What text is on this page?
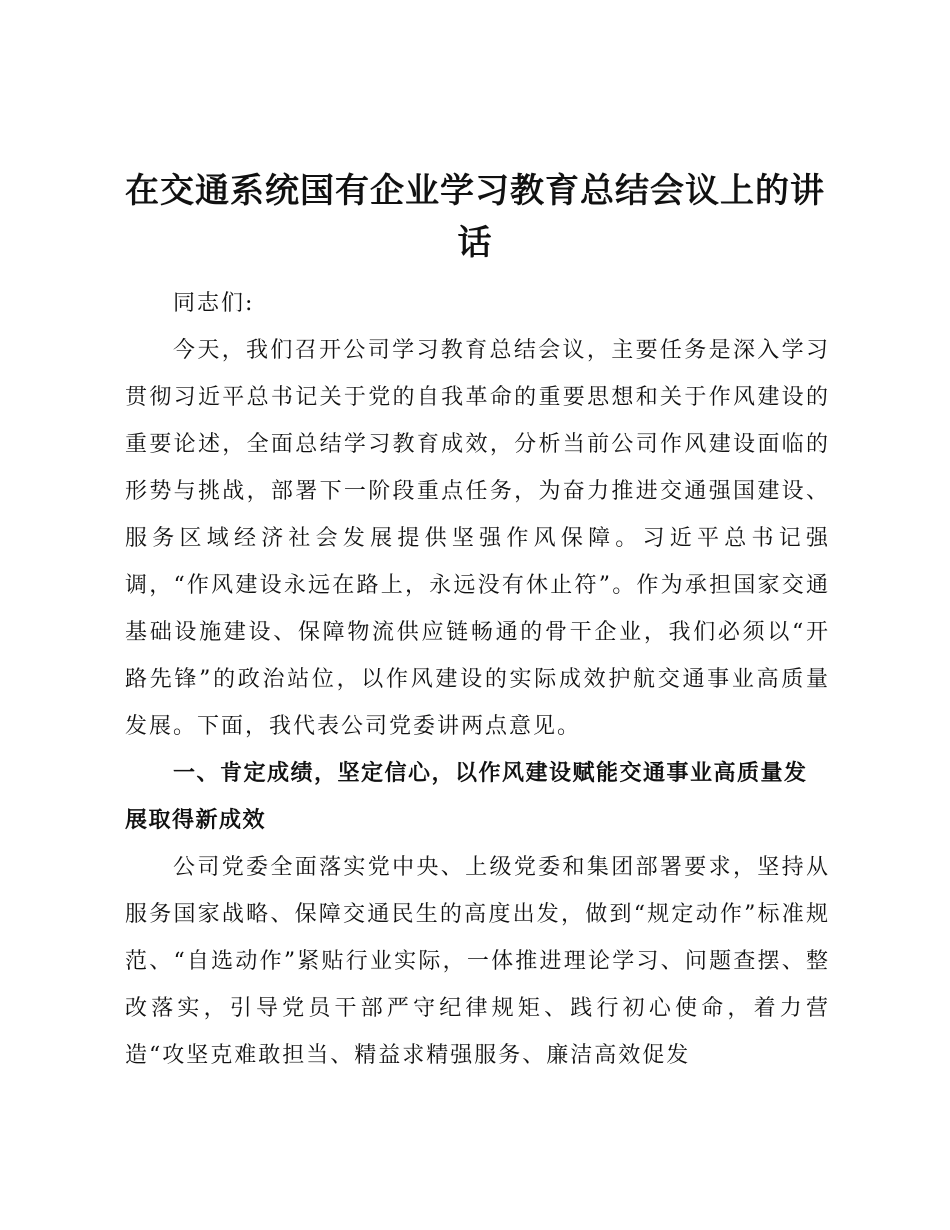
在交通系统国有企业学习教育总结会议上的讲话

同志们:

今天，我们召开公司学习教育总结会议，主要任务是深入学习贯彻习近平总书记关于党的自我革命的重要思想和关于作风建设的重要论述，全面总结学习教育成效，分析当前公司作风建设面临的形势与挑战，部署下一阶段重点任务，为奋力推进交通强国建设、服务区域经济社会发展提供坚强作风保障。习近平总书记强调，“作风建设永远在路上，永远没有休止符”。作为承担国家交通基础设施建设、保障物流供应链畅通的骨干企业，我们必须以“开路先锋”的政治站位，以作风建设的实际成效护航交通事业高质量发展。下面，我代表公司党委讲两点意见。

一、肯定成绩，坚定信心，以作风建设赋能交通事业高质量发展取得新成效

公司党委全面落实党中央、上级党委和集团部署要求，坚持从服务国家战略、保障交通民生的高度出发，做到“规定动作”标准规范、“自选动作”紧贴行业实际，一体推进理论学习、问题查摆、整改落实，引导党员干部严守纪律规矩、践行初心使命，着力营造“攻坚克难敢担当、精益求精强服务、廉洁高效促发
